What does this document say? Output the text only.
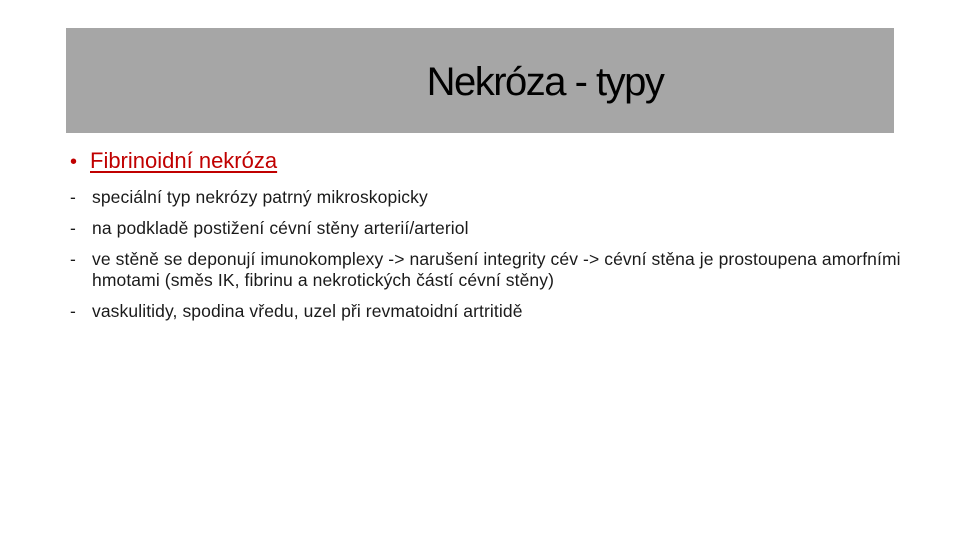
Nekróza - typy
• Fibrinoidní nekróza
- speciální typ nekrózy patrný mikroskopicky
- na podkladě postižení cévní stěny arterií/arteriol
- ve stěně se deponují imunokomplexy -> narušení integrity cév -> cévní stěna je prostoupena amorfními hmotami (směs IK, fibrinu a nekrotických částí cévní stěny)
- vaskulitidy, spodina vředu, uzel při revmatoidní artritidě
